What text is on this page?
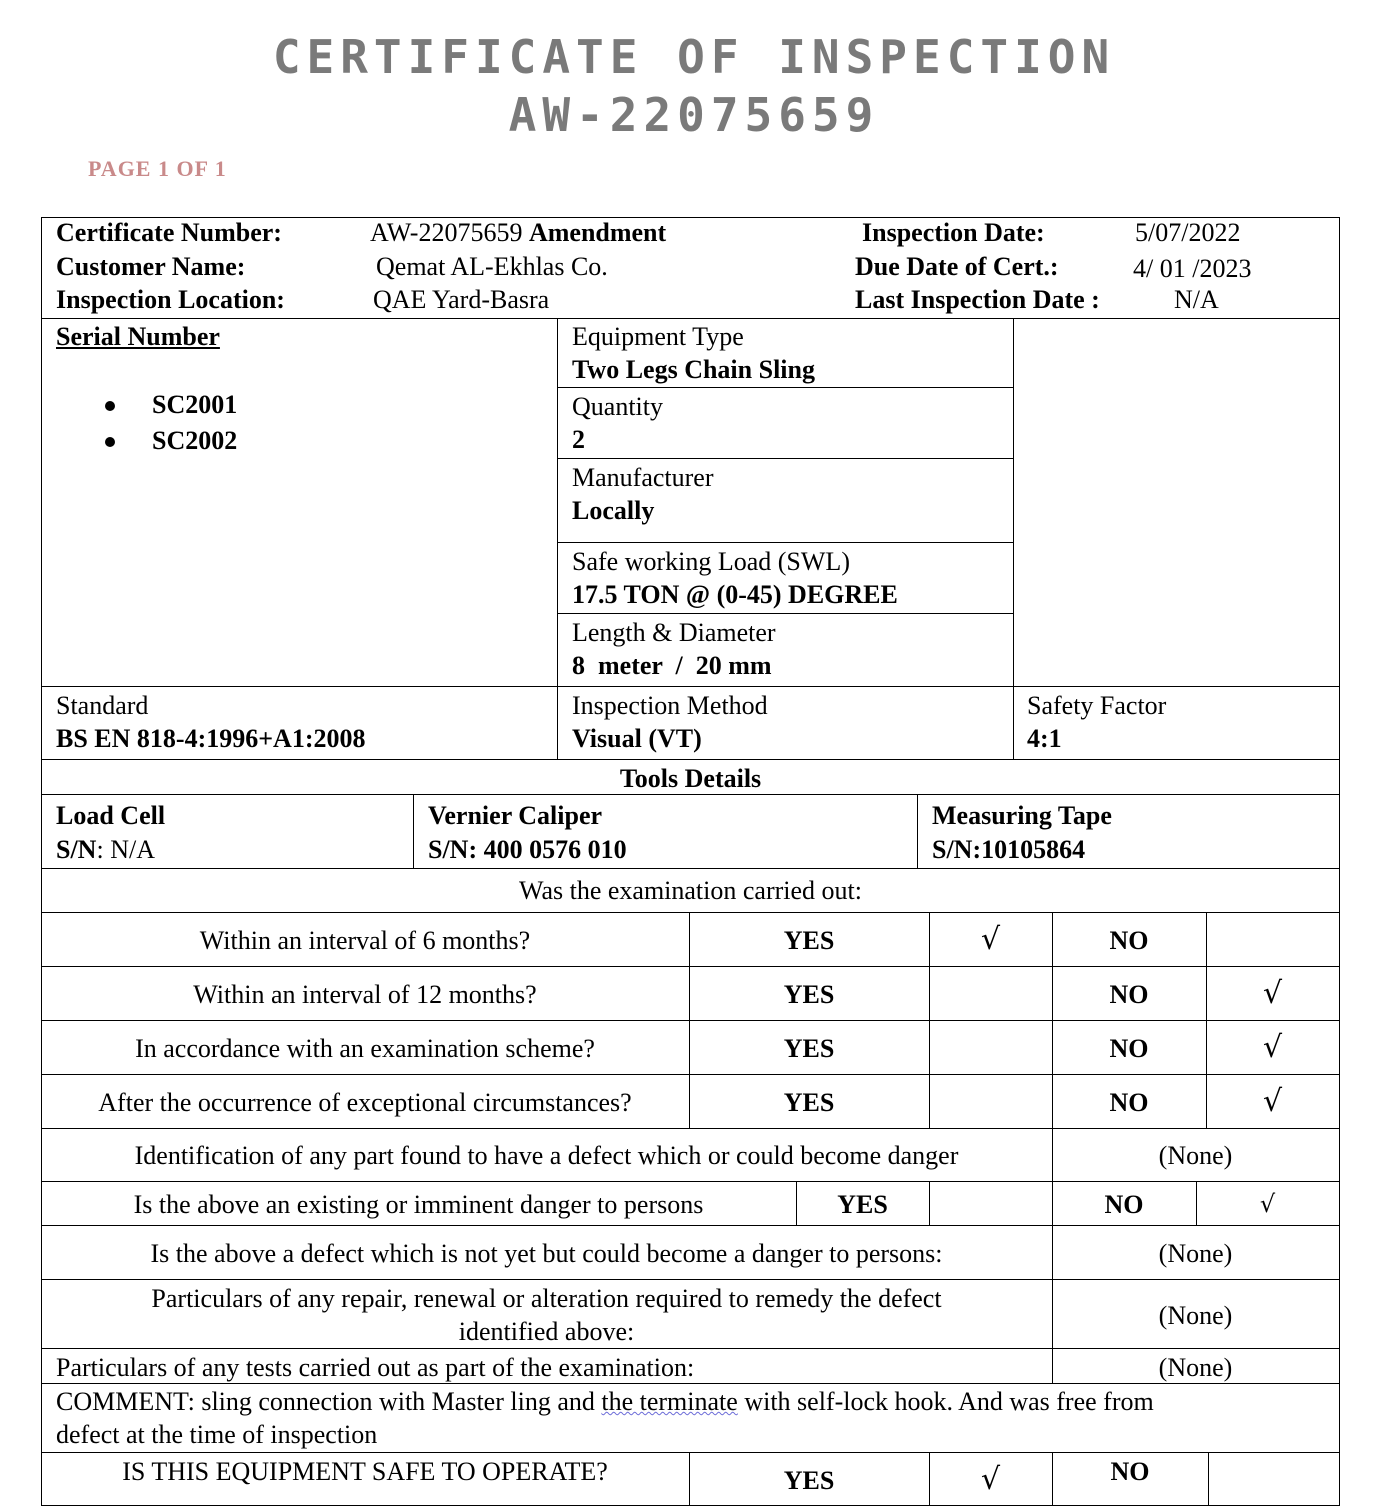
CERTIFICATE OF INSPECTION
AW-22075659
PAGE 1 OF 1
Certificate Number:	AW-22075659 Amendment	Inspection Date:	5/07/2022
Customer Name:	Qemat AL-Ekhlas Co.	Due Date of Cert.:	4/ 01 /2023
Inspection Location:	QAE Yard-Basra	Last Inspection Date :	N/A
Serial Number
SC2001
SC2002
Equipment Type
Two Legs Chain Sling
Quantity
2
Manufacturer
Locally
Safe working Load (SWL)
17.5 TON @ (0-45) DEGREE
Length & Diameter
8  meter  /  20 mm
Standard
BS EN 818-4:1996+A1:2008
Inspection Method
Visual (VT)
Safety Factor
4:1
Tools Details
Load Cell
S/N: N/A
Vernier Caliper
S/N: 400 0576 010
Measuring Tape
S/N:10105864
Was the examination carried out:
Within an interval of 6 months?	YES	√	NO
Within an interval of 12 months?	YES	NO	√
In accordance with an examination scheme?	YES	NO	√
After the occurrence of exceptional circumstances?	YES	NO	√
Identification of any part found to have a defect which or could become danger	(None)
Is the above an existing or imminent danger to persons	YES	NO	√
Is the above a defect which is not yet but could become a danger to persons:	(None)
Particulars of any repair, renewal or alteration required to remedy the defect
identified above:
(None)
Particulars of any tests carried out as part of the examination:	(None)
COMMENT: sling connection with Master ling and the terminate with self-lock hook. And was free from
defect at the time of inspection
IS THIS EQUIPMENT SAFE TO OPERATE?	YES	√	NO
